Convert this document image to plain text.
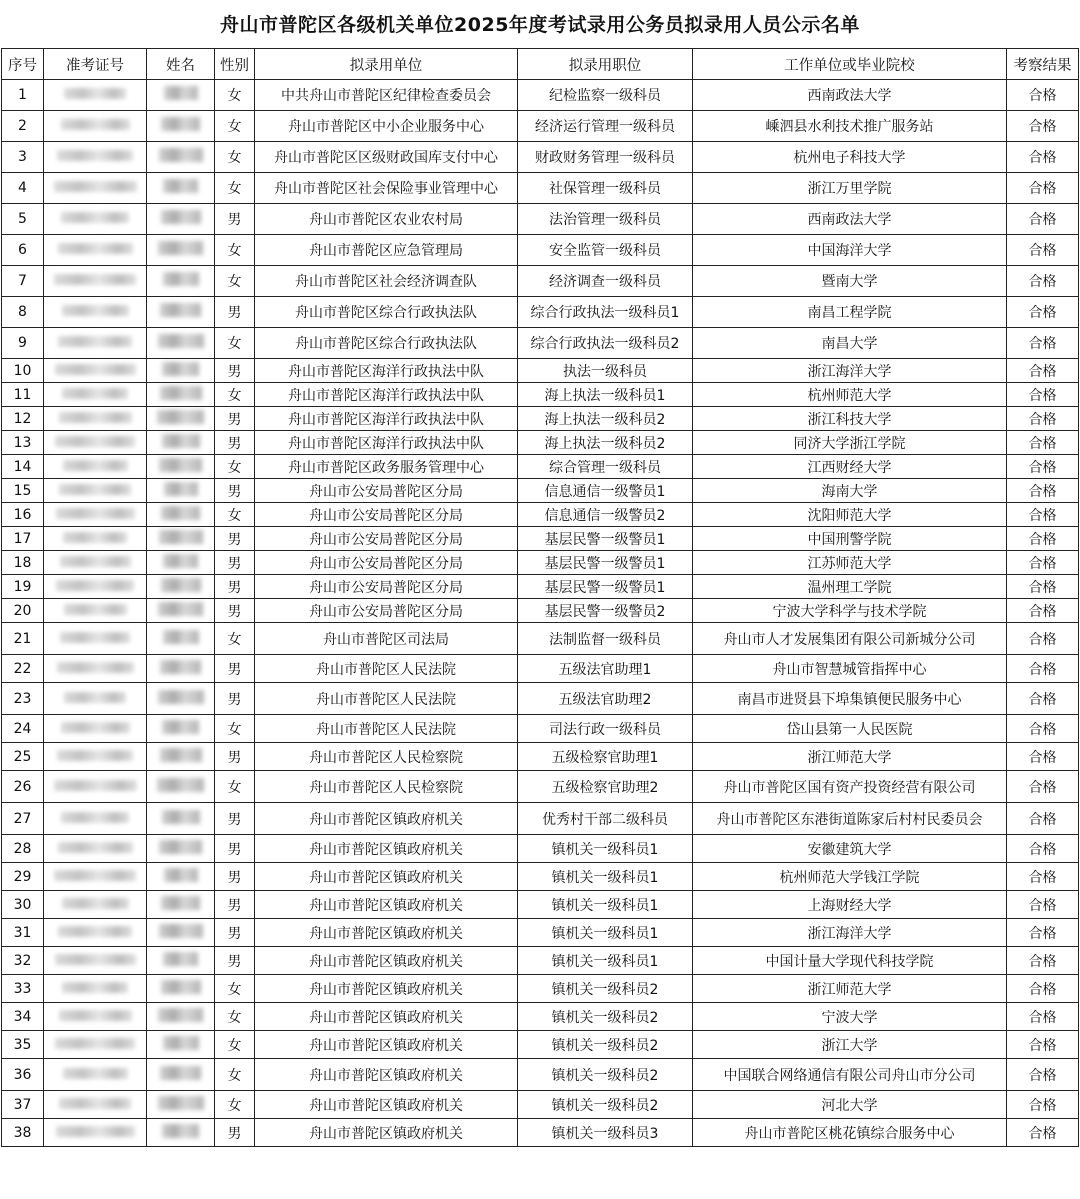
舟山市普陀区各级机关单位2025年度考试录用公务员拟录用人员公示名单
序号	准考证号	姓名	性别	拟录用单位	拟录用职位	工作单位或毕业院校	考察结果
1			女	中共舟山市普陀区纪律检查委员会	纪检监察一级科员	西南政法大学	合格
2			女	舟山市普陀区中小企业服务中心	经济运行管理一级科员	嵊泗县水利技术推广服务站	合格
3			女	舟山市普陀区区级财政国库支付中心	财政财务管理一级科员	杭州电子科技大学	合格
4			女	舟山市普陀区社会保险事业管理中心	社保管理一级科员	浙江万里学院	合格
5			男	舟山市普陀区农业农村局	法治管理一级科员	西南政法大学	合格
6			女	舟山市普陀区应急管理局	安全监管一级科员	中国海洋大学	合格
7			女	舟山市普陀区社会经济调查队	经济调查一级科员	暨南大学	合格
8			男	舟山市普陀区综合行政执法队	综合行政执法一级科员1	南昌工程学院	合格
9			女	舟山市普陀区综合行政执法队	综合行政执法一级科员2	南昌大学	合格
10			男	舟山市普陀区海洋行政执法中队	执法一级科员	浙江海洋大学	合格
11			女	舟山市普陀区海洋行政执法中队	海上执法一级科员1	杭州师范大学	合格
12			男	舟山市普陀区海洋行政执法中队	海上执法一级科员2	浙江科技大学	合格
13			男	舟山市普陀区海洋行政执法中队	海上执法一级科员2	同济大学浙江学院	合格
14			女	舟山市普陀区政务服务管理中心	综合管理一级科员	江西财经大学	合格
15			男	舟山市公安局普陀区分局	信息通信一级警员1	海南大学	合格
16			女	舟山市公安局普陀区分局	信息通信一级警员2	沈阳师范大学	合格
17			男	舟山市公安局普陀区分局	基层民警一级警员1	中国刑警学院	合格
18			男	舟山市公安局普陀区分局	基层民警一级警员1	江苏师范大学	合格
19			男	舟山市公安局普陀区分局	基层民警一级警员1	温州理工学院	合格
20			男	舟山市公安局普陀区分局	基层民警一级警员2	宁波大学科学与技术学院	合格
21			女	舟山市普陀区司法局	法制监督一级科员	舟山市人才发展集团有限公司新城分公司	合格
22			男	舟山市普陀区人民法院	五级法官助理1	舟山市智慧城管指挥中心	合格
23			男	舟山市普陀区人民法院	五级法官助理2	南昌市进贤县下埠集镇便民服务中心	合格
24			女	舟山市普陀区人民法院	司法行政一级科员	岱山县第一人民医院	合格
25			男	舟山市普陀区人民检察院	五级检察官助理1	浙江师范大学	合格
26			女	舟山市普陀区人民检察院	五级检察官助理2	舟山市普陀区国有资产投资经营有限公司	合格
27			男	舟山市普陀区镇政府机关	优秀村干部二级科员	舟山市普陀区东港街道陈家后村村民委员会	合格
28			男	舟山市普陀区镇政府机关	镇机关一级科员1	安徽建筑大学	合格
29			男	舟山市普陀区镇政府机关	镇机关一级科员1	杭州师范大学钱江学院	合格
30			男	舟山市普陀区镇政府机关	镇机关一级科员1	上海财经大学	合格
31			男	舟山市普陀区镇政府机关	镇机关一级科员1	浙江海洋大学	合格
32			男	舟山市普陀区镇政府机关	镇机关一级科员1	中国计量大学现代科技学院	合格
33			女	舟山市普陀区镇政府机关	镇机关一级科员2	浙江师范大学	合格
34			女	舟山市普陀区镇政府机关	镇机关一级科员2	宁波大学	合格
35			女	舟山市普陀区镇政府机关	镇机关一级科员2	浙江大学	合格
36			女	舟山市普陀区镇政府机关	镇机关一级科员2	中国联合网络通信有限公司舟山市分公司	合格
37			女	舟山市普陀区镇政府机关	镇机关一级科员2	河北大学	合格
38			男	舟山市普陀区镇政府机关	镇机关一级科员3	舟山市普陀区桃花镇综合服务中心	合格
